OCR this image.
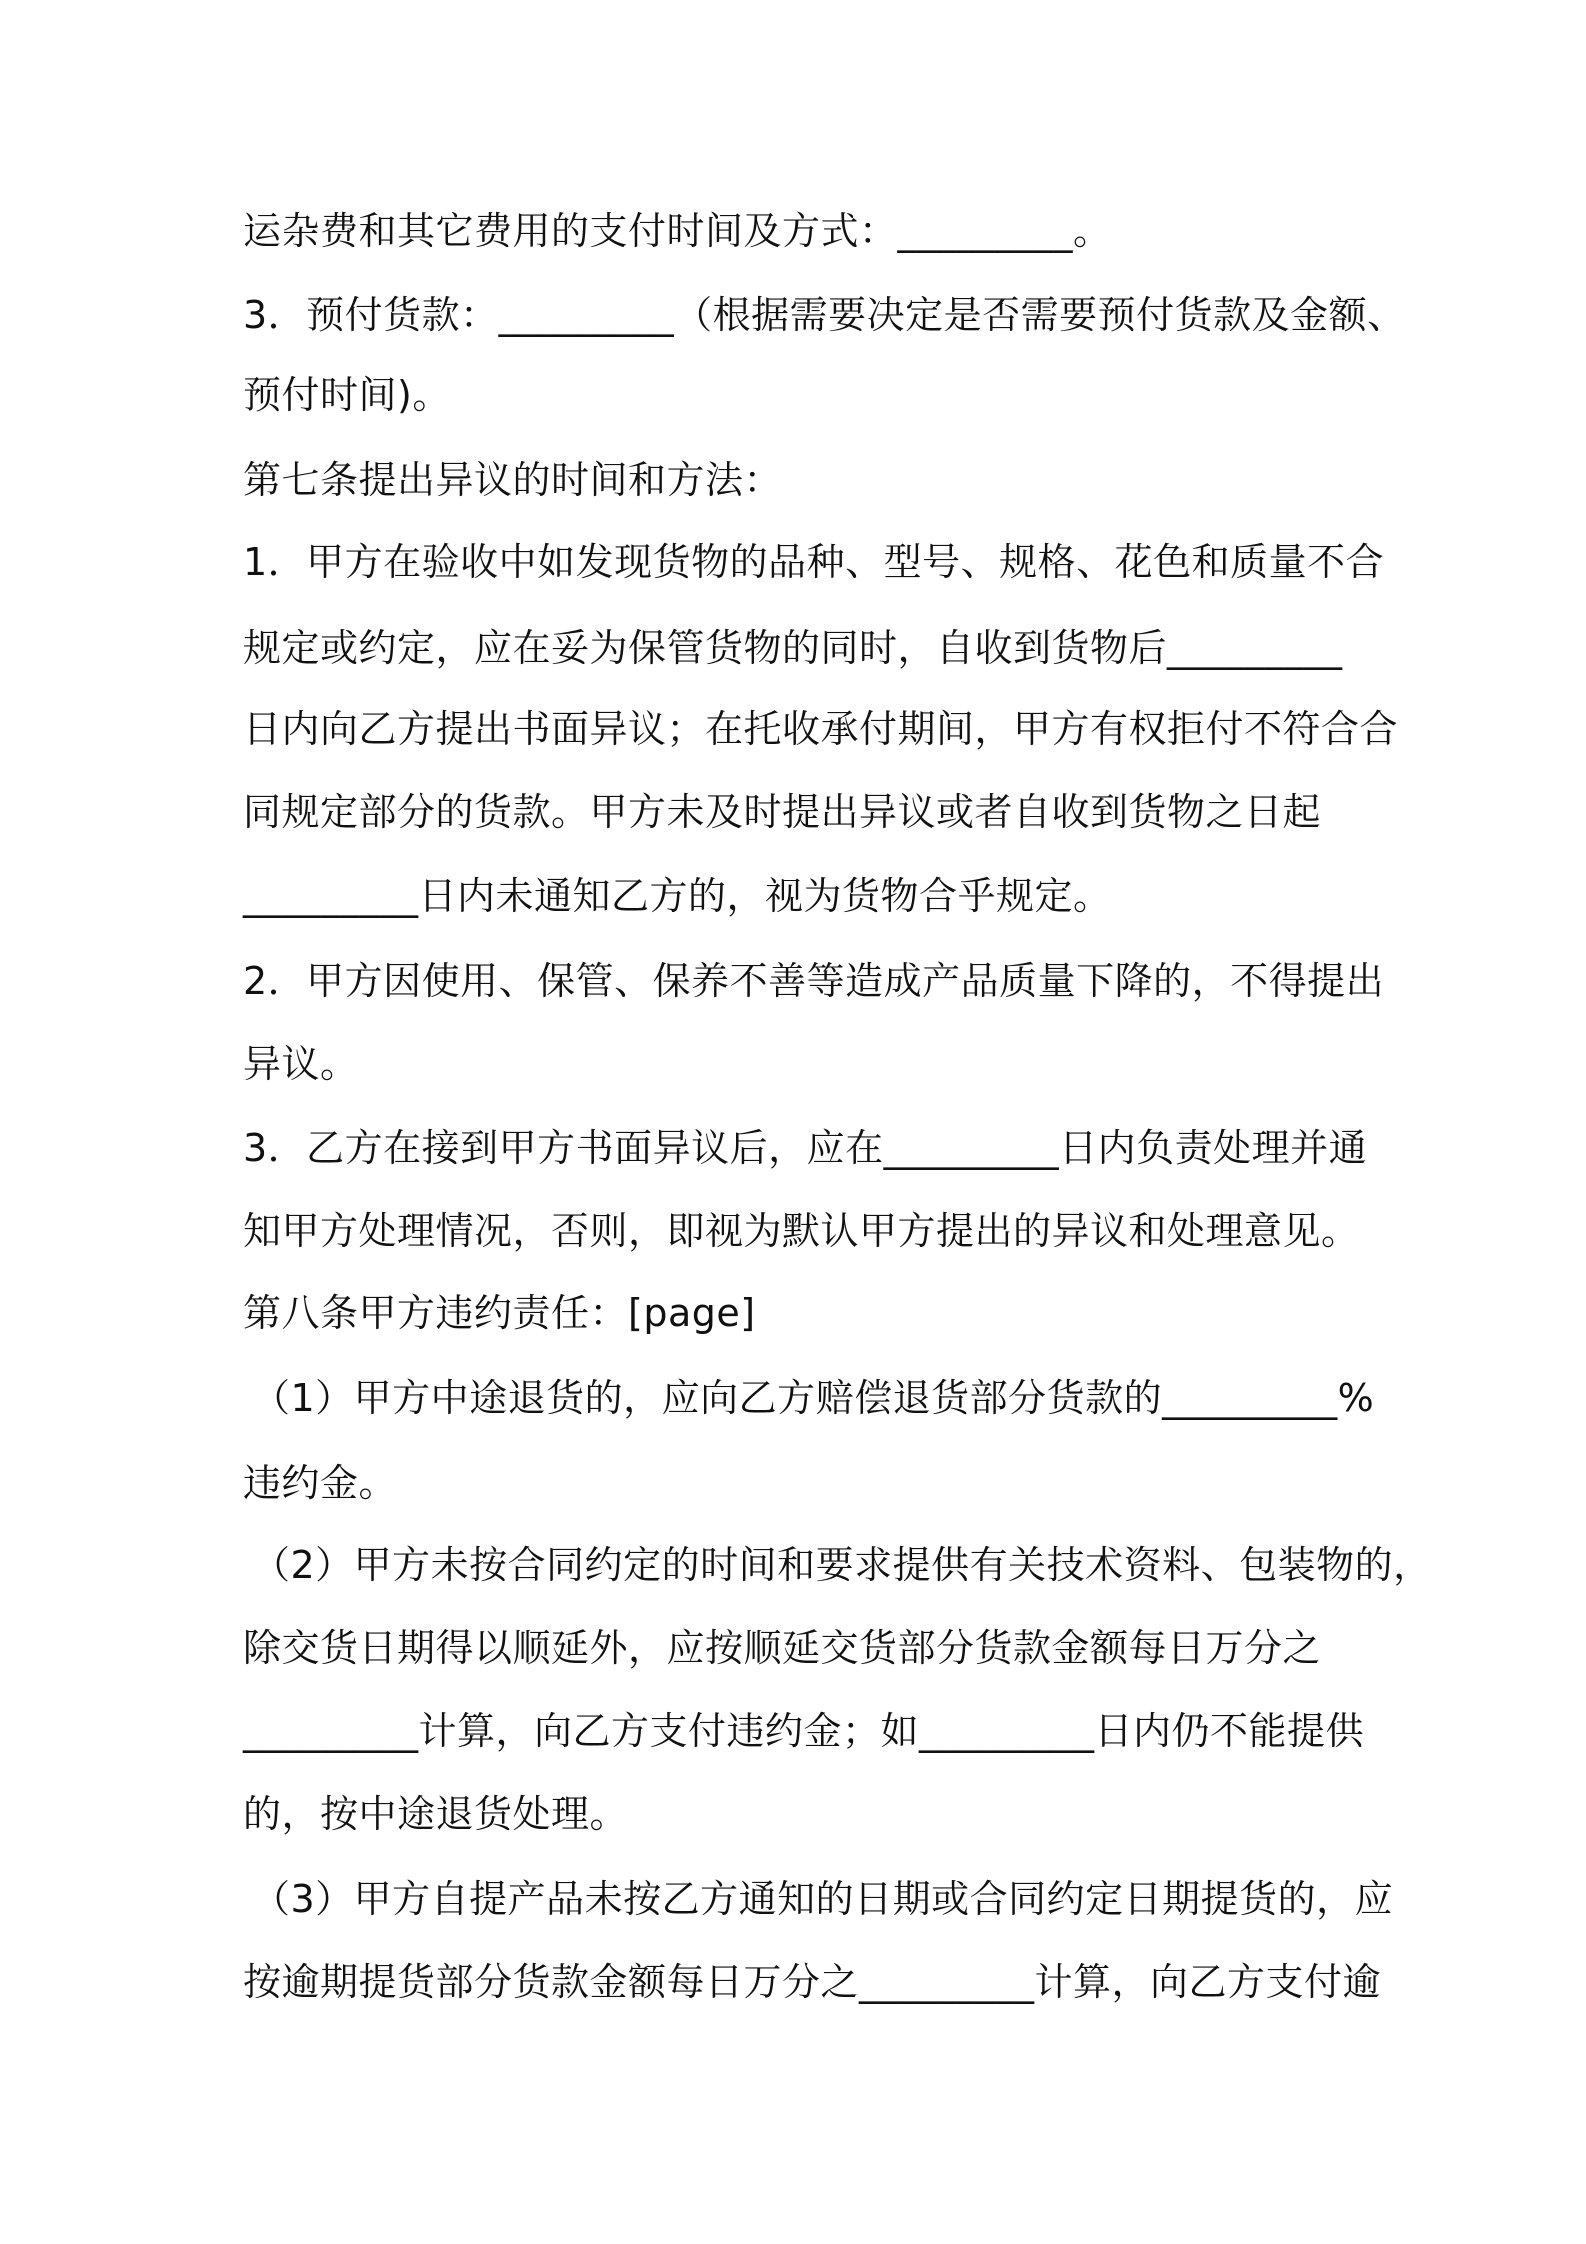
运杂费和其它费用的支付时间及方式：_________。
3．预付货款：_________（根据需要决定是否需要预付货款及金额、
预付时间)。
第七条提出异议的时间和方法：
1．甲方在验收中如发现货物的品种、型号、规格、花色和质量不合
规定或约定，应在妥为保管货物的同时，自收到货物后_________
日内向乙方提出书面异议；在托收承付期间，甲方有权拒付不符合合
同规定部分的货款。甲方未及时提出异议或者自收到货物之日起
_________日内未通知乙方的，视为货物合乎规定。
2．甲方因使用、保管、保养不善等造成产品质量下降的，不得提出
异议。
3．乙方在接到甲方书面异议后，应在_________日内负责处理并通
知甲方处理情况，否则，即视为默认甲方提出的异议和处理意见。
第八条甲方违约责任：[page]
（1）甲方中途退货的，应向乙方赔偿退货部分货款的_________%
违约金。
（2）甲方未按合同约定的时间和要求提供有关技术资料、包装物的，
除交货日期得以顺延外，应按顺延交货部分货款金额每日万分之
_________计算，向乙方支付违约金；如_________日内仍不能提供
的，按中途退货处理。
（3）甲方自提产品未按乙方通知的日期或合同约定日期提货的，应
按逾期提货部分货款金额每日万分之_________计算，向乙方支付逾
